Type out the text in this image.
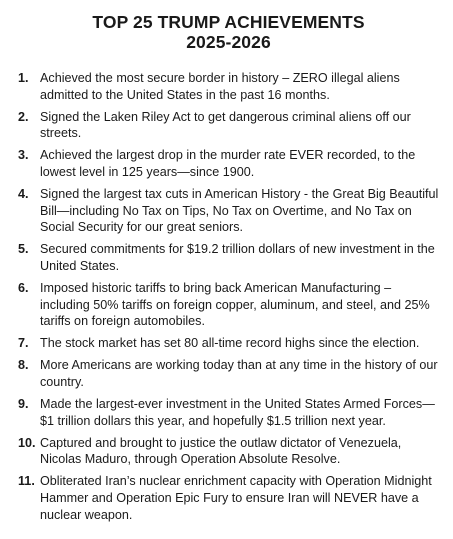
TOP 25 TRUMP ACHIEVEMENTS
2025-2026
1. Achieved the most secure border in history – ZERO illegal aliens admitted to the United States in the past 16 months.
2. Signed the Laken Riley Act to get dangerous criminal aliens off our streets.
3. Achieved the largest drop in the murder rate EVER recorded, to the lowest level in 125 years—since 1900.
4. Signed the largest tax cuts in American History - the Great Big Beautiful Bill—including No Tax on Tips, No Tax on Overtime, and No Tax on Social Security for our great seniors.
5. Secured commitments for $19.2 trillion dollars of new investment in the United States.
6. Imposed historic tariffs to bring back American Manufacturing – including 50% tariffs on foreign copper, aluminum, and steel, and 25% tariffs on foreign automobiles.
7. The stock market has set 80 all-time record highs since the election.
8. More Americans are working today than at any time in the history of our country.
9. Made the largest-ever investment in the United States Armed Forces—$1 trillion dollars this year, and hopefully $1.5 trillion next year.
10. Captured and brought to justice the outlaw dictator of Venezuela, Nicolas Maduro, through Operation Absolute Resolve.
11. Obliterated Iran’s nuclear enrichment capacity with Operation Midnight Hammer and Operation Epic Fury to ensure Iran will NEVER have a nuclear weapon.
